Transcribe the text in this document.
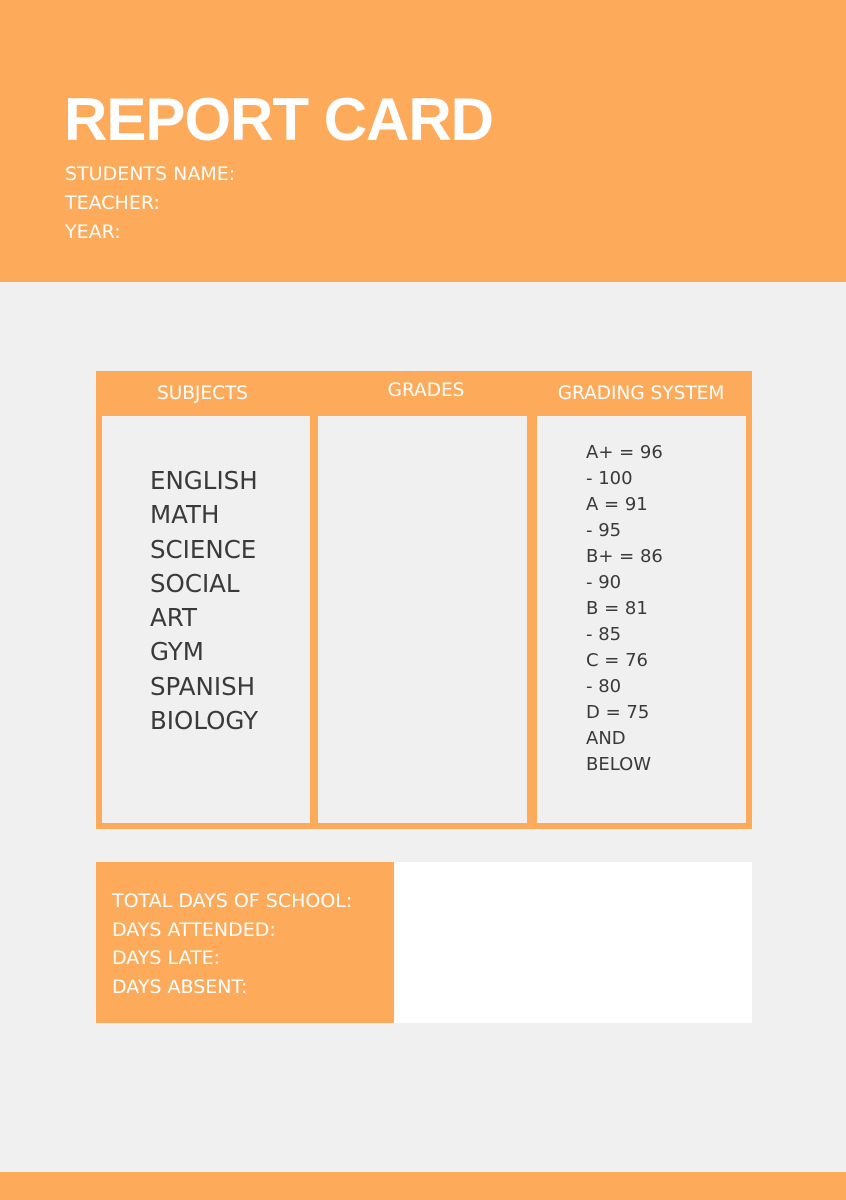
REPORT CARD
STUDENTS NAME:
TEACHER:
YEAR:
SUBJECTS	GRADES	GRADING SYSTEM
ENGLISH
MATH
SCIENCE
SOCIAL
ART
GYM
SPANISH
BIOLOGY
A+ = 96
- 100
A = 91
- 95
B+ = 86
- 90
B = 81
- 85
C = 76
- 80
D = 75
AND
BELOW
TOTAL DAYS OF SCHOOL:
DAYS ATTENDED:
DAYS LATE:
DAYS ABSENT:
